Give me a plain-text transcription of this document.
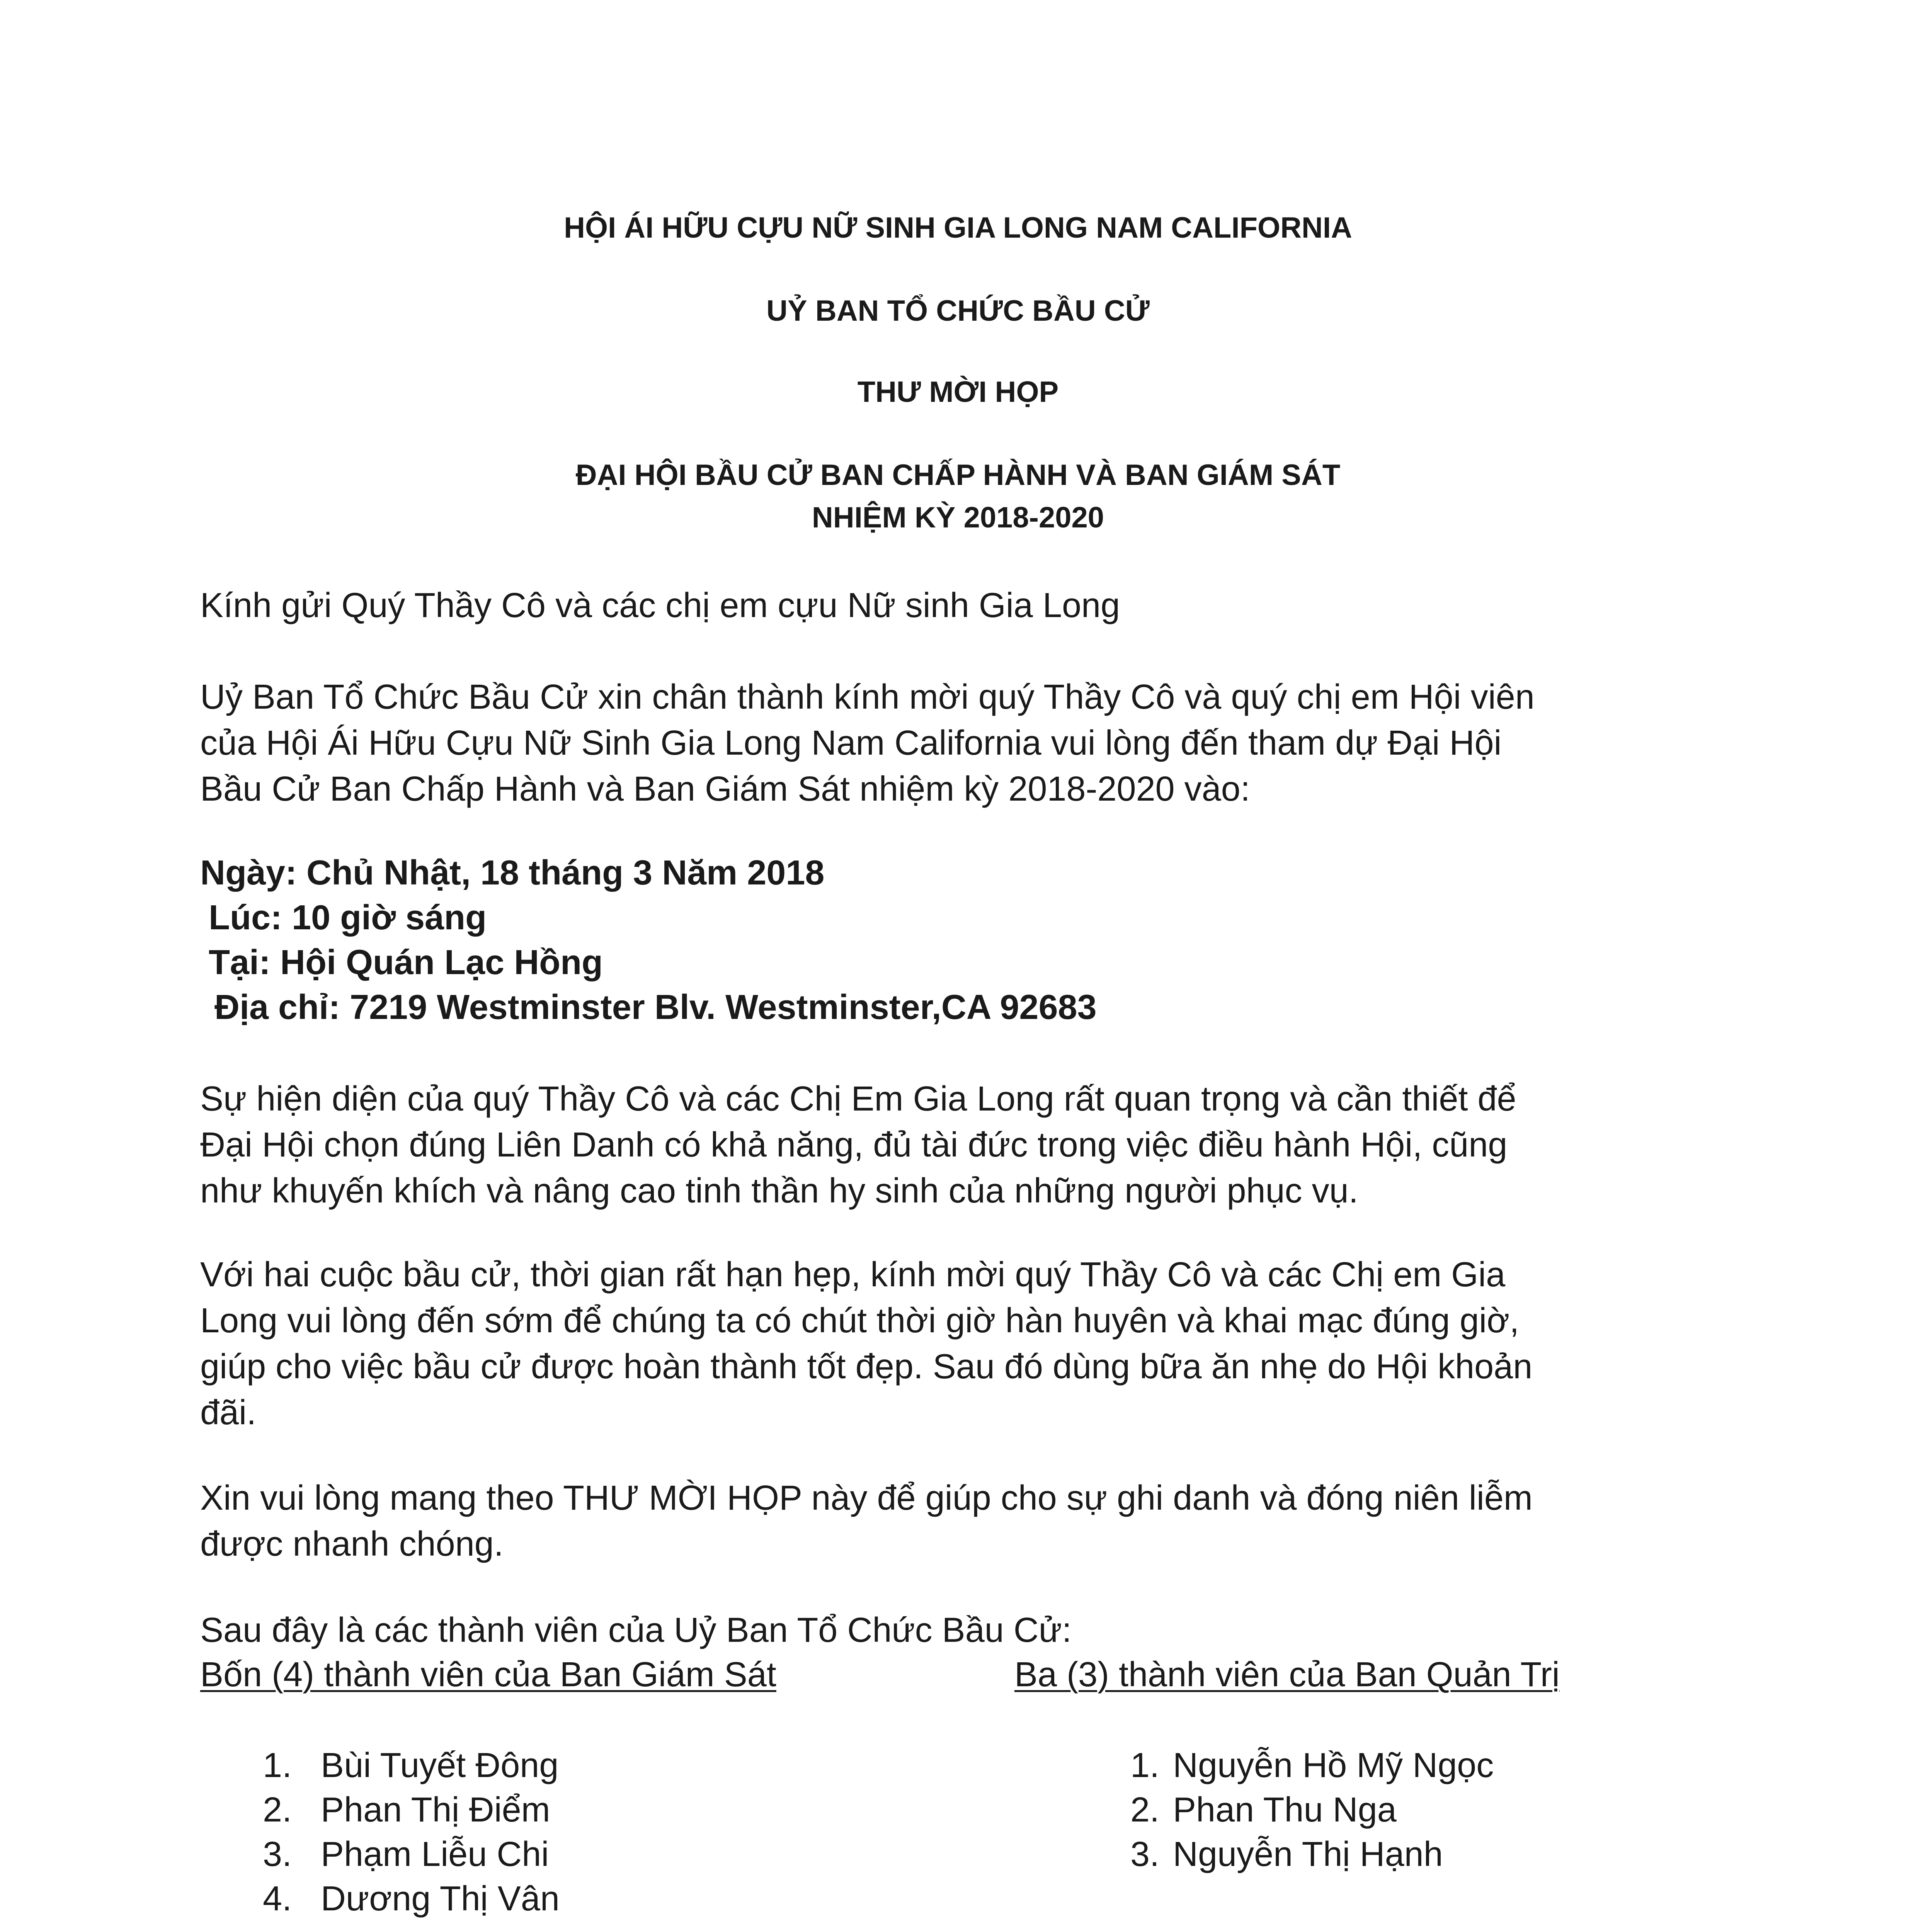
HỘI ÁI HỮU CỰU NỮ SINH GIA LONG NAM CALIFORNIA
UỶ BAN TỔ CHỨC BẦU CỬ
THƯ MỜI HỌP
ĐẠI HỘI BẦU CỬ BAN CHẤP HÀNH VÀ BAN GIÁM SÁT
NHIỆM KỲ 2018-2020
Kính gửi Quý Thầy Cô và các chị em cựu Nữ sinh Gia Long
Uỷ Ban Tổ Chức Bầu Cử xin chân thành kính mời quý Thầy Cô và quý chị em Hội viên
của Hội Ái Hữu Cựu Nữ Sinh Gia Long Nam California vui lòng đến tham dự Đại Hội
Bầu Cử Ban Chấp Hành và Ban Giám Sát nhiệm kỳ 2018-2020 vào:
Ngày: Chủ Nhật, 18 tháng 3 Năm 2018
Lúc: 10 giờ sáng
Tại: Hội Quán Lạc Hồng
Địa chỉ: 7219 Westminster Blv. Westminster,CA 92683
Sự hiện diện của quý Thầy Cô và các Chị Em Gia Long rất quan trọng và cần thiết để
Đại Hội chọn đúng Liên Danh có khả năng, đủ tài đức trong việc điều hành Hội, cũng
như khuyến khích và nâng cao tinh thần hy sinh của những người phục vụ.
Với hai cuộc bầu cử, thời gian rất hạn hẹp, kính mời quý Thầy Cô và các Chị em Gia
Long vui lòng đến sớm để chúng ta có chút thời giờ hàn huyên và khai mạc đúng giờ,
giúp cho việc bầu cử được hoàn thành tốt đẹp. Sau đó dùng bữa ăn nhẹ do Hội khoản
đãi.
Xin vui lòng mang theo THƯ MỜI HỌP này để giúp cho sự ghi danh và đóng niên liễm
được nhanh chóng.
Sau đây là các thành viên của Uỷ Ban Tổ Chức Bầu Cử:
Bốn (4) thành viên của Ban Giám Sát	Ba (3) thành viên của Ban Quản Trị
1. Bùi Tuyết Đông
2. Phan Thị Điểm
3. Phạm Liễu Chi
4. Dương Thị Vân
1. Nguyễn Hồ Mỹ Ngọc
2. Phan Thu Nga
3. Nguyễn Thị Hạnh
